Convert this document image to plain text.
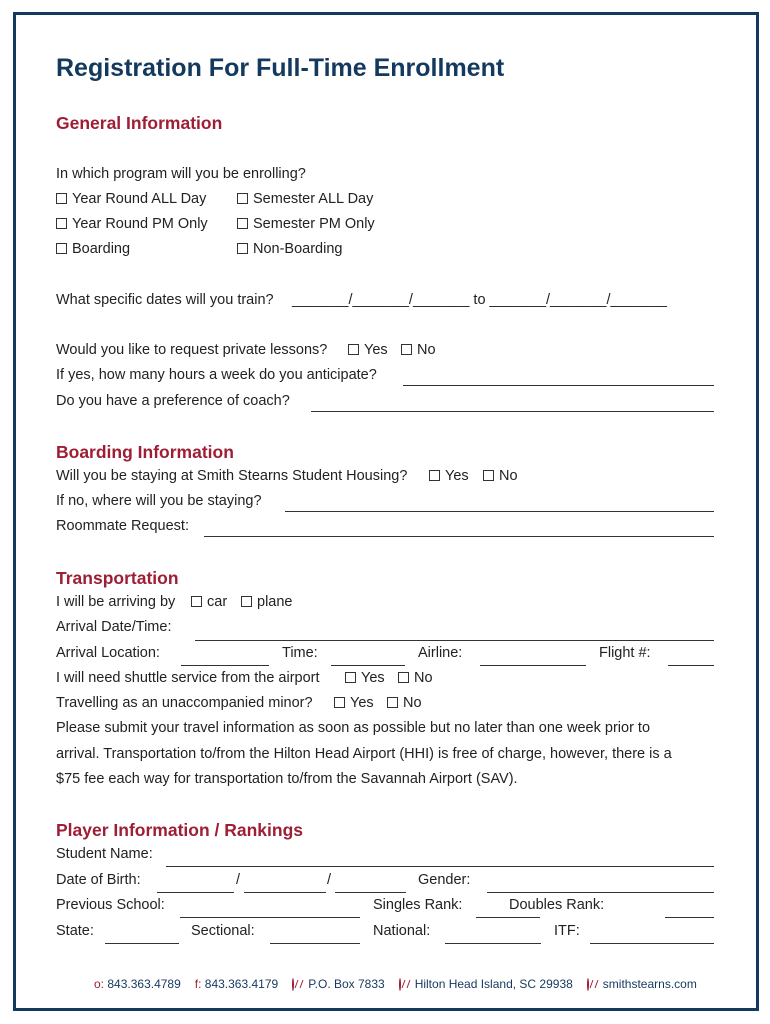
Registration For Full-Time Enrollment
General Information
In which program will you be enrolling?
Year Round ALL Day	Semester ALL Day
Year Round PM Only	Semester PM Only
Boarding	Non-Boarding
What specific dates will you train? _______/_______/_______ to _______/_______/_______
Would you like to request private lessons?	Yes	No
If yes, how many hours a week do you anticipate?
Do you have a preference of coach?
Boarding Information
Will you be staying at Smith Stearns Student Housing?	Yes	No
If no, where will you be staying?
Roommate Request:
Transportation
I will be arriving by	car	plane
Arrival Date/Time:
Arrival Location:	Time:	Airline:	Flight #:
I will need shuttle service from the airport	Yes	No
Travelling as an unaccompanied minor?	Yes	No
Please submit your travel information as soon as possible but no later than one week prior to
arrival. Transportation to/from the Hilton Head Airport (HHI) is free of charge, however, there is a
$75 fee each way for transportation to/from the Savannah Airport (SAV).
Player Information / Rankings
Student Name:
Date of Birth:	/	/	Gender:
Previous School:	Singles Rank:	Doubles Rank:
State:	Sectional:	National:	ITF:
o:
843.363.4789 f:
843.363.4179	P.O. Box 7833	Hilton Head Island, SC 29938	smithstearns.com
